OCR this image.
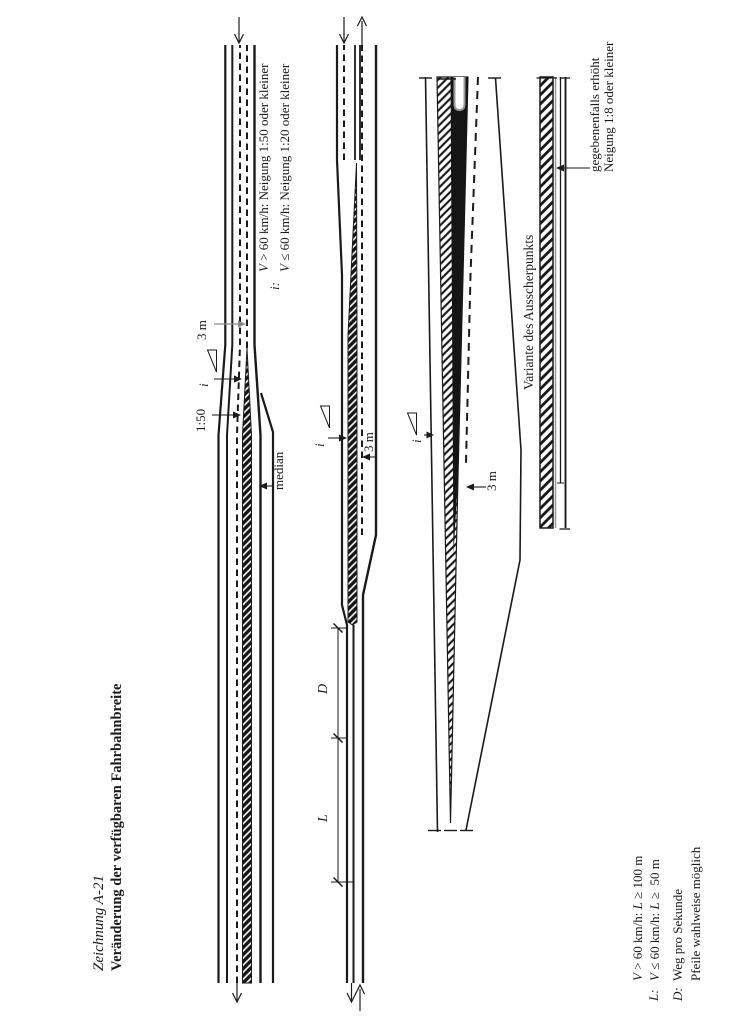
Zeichnung A-21 Veränderung der verfügbaren Fahrbahnbreite
3 m
i
1:50
median
i:
V > 60 km/h: Neigung 1:50 oder kleiner
V ≤ 60 km/h: Neigung 1:20 oder kleiner
i	3 m
L
D
i
3 m
Variante des Ausscherpunkts
gegebenenfalls erhöht Neigung 1:8 oder kleiner
L:
V > 60 km/h: L ≥ 100 m
V ≤ 60 km/h: L ≥  50 m
D:  Weg pro Sekunde Pfeile wahlweise möglich
